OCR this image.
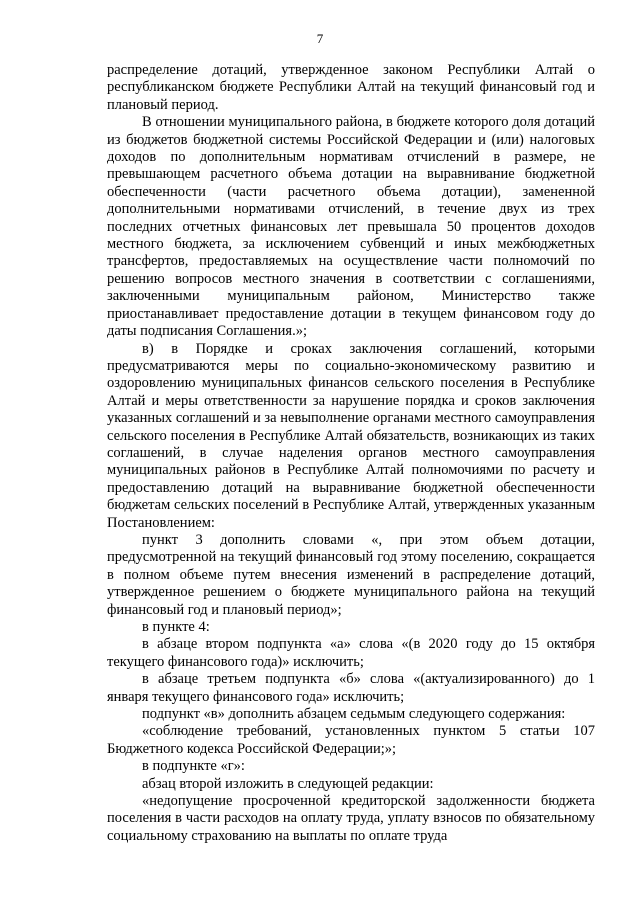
7

распределение дотаций, утвержденное законом Республики Алтай о республиканском бюджете Республики Алтай на текущий финансовый год и плановый период.

В отношении муниципального района, в бюджете которого доля дотаций из бюджетов бюджетной системы Российской Федерации и (или) налоговых доходов по дополнительным нормативам отчислений в размере, не превышающем расчетного объема дотации на выравнивание бюджетной обеспеченности (части расчетного объема дотации), замененной дополнительными нормативами отчислений, в течение двух из трех последних отчетных финансовых лет превышала 50 процентов доходов местного бюджета, за исключением субвенций и иных межбюджетных трансфертов, предоставляемых на осуществление части полномочий по решению вопросов местного значения в соответствии с соглашениями, заключенными муниципальным районом, Министерство также приостанавливает предоставление дотации в текущем финансовом году до даты подписания Соглашения.»;

в) в Порядке и сроках заключения соглашений, которыми предусматриваются меры по социально-экономическому развитию и оздоровлению муниципальных финансов сельского поселения в Республике Алтай и меры ответственности за нарушение порядка и сроков заключения указанных соглашений и за невыполнение органами местного самоуправления сельского поселения в Республике Алтай обязательств, возникающих из таких соглашений, в случае наделения органов местного самоуправления муниципальных районов в Республике Алтай полномочиями по расчету и предоставлению дотаций на выравнивание бюджетной обеспеченности бюджетам сельских поселений в Республике Алтай, утвержденных указанным Постановлением:

пункт 3 дополнить словами «, при этом объем дотации, предусмотренной на текущий финансовый год этому поселению, сокращается в полном объеме путем внесения изменений в распределение дотаций, утвержденное решением о бюджете муниципального района на текущий финансовый год и плановый период»;

в пункте 4:

в абзаце втором подпункта «а» слова «(в 2020 году до 15 октября текущего финансового года)» исключить;

в абзаце третьем подпункта «б» слова «(актуализированного) до 1 января текущего финансового года» исключить;

подпункт «в» дополнить абзацем седьмым следующего содержания:

«соблюдение требований, установленных пунктом 5 статьи 107 Бюджетного кодекса Российской Федерации;»;

в подпункте «г»:

абзац второй изложить в следующей редакции:

«недопущение просроченной кредиторской задолженности бюджета поселения в части расходов на оплату труда, уплату взносов по обязательному социальному страхованию на выплаты по оплате труда
